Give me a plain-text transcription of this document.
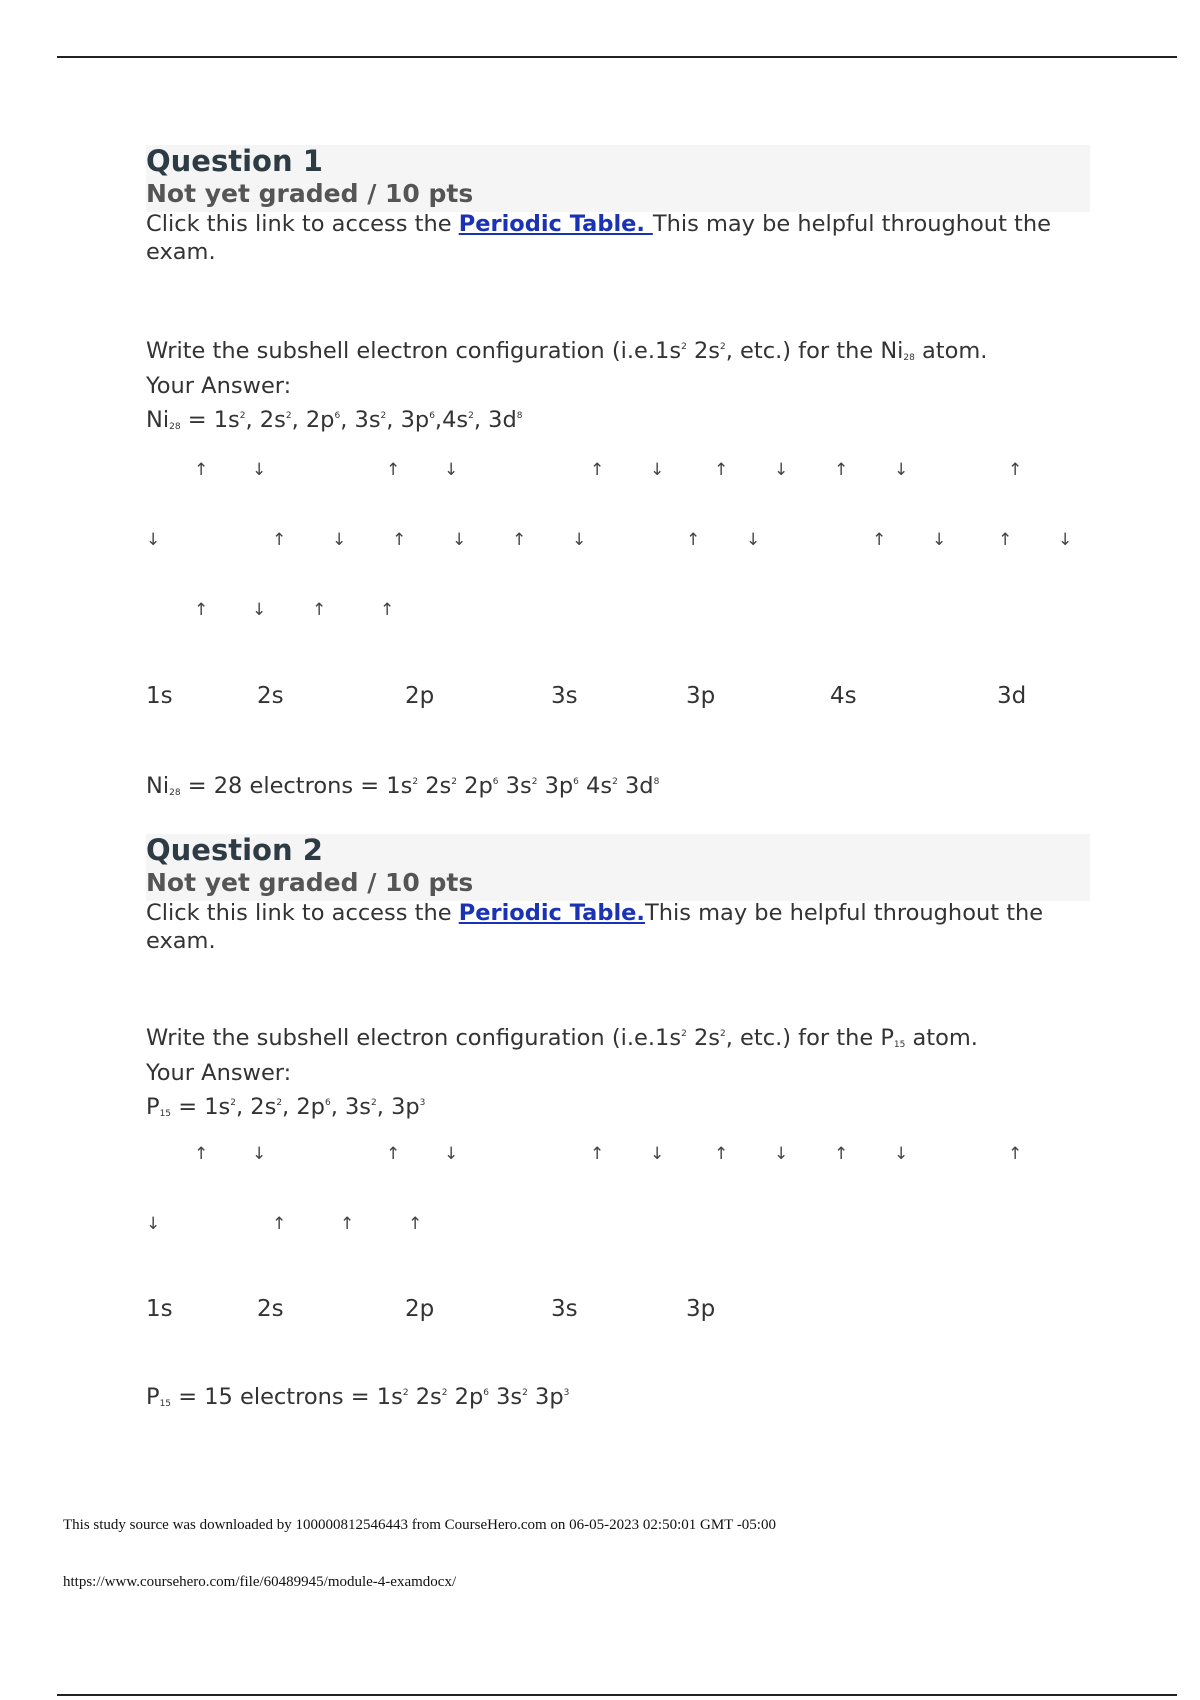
Question 1
Not yet graded / 10 pts
Click this link to access the Periodic Table. This may be helpful throughout the exam.
Write the subshell electron configuration ($i.e.1s^2$ $2s^2$, etc.) for the $Ni_{28}$ atom.
Your Answer:
$Ni_{28} = 1s^2$, $2s^2$, $2p^6$, $3s^2$, $3p^6,4s^2$, $3d^8$
↑	↓	↑	↓	↑	↓	↑	↓	↑	↓	↑
↓	↑	↓	↑	↓	↑	↓	↑	↓	↑	↓	↑	↓
↑	↓	↑	↑
1s	2s	2p	3s	3p	4s	3d
$Ni_{28} = 28$ electrons = $1s^2$ $2s^2$ $2p^6$ $3s^2$ $3p^6$ $4s^2$ $3d^8$
Question 2
Not yet graded / 10 pts
Click this link to access the Periodic Table.This may be helpful throughout the exam.
Write the subshell electron configuration ($i.e.1s^2$ $2s^2$, etc.) for the $P_{15}$ atom.
Your Answer:
$P_{15} = 1s^2$, $2s^2$, $2p^6$, $3s^2$, $3p^3$
↑	↓	↑	↓	↑	↓	↑	↓	↑	↓	↑
↓	↑	↑	↑
1s	2s	2p	3s	3p
$P_{15} = 15$ electrons = $1s^2$ $2s^2$ $2p^6$ $3s^2$ $3p^3$
This study source was downloaded by 100000812546443 from CourseHero.com on 06-05-2023 02:50:01 GMT -05:00
https://www.coursehero.com/file/60489945/module-4-examdocx/
